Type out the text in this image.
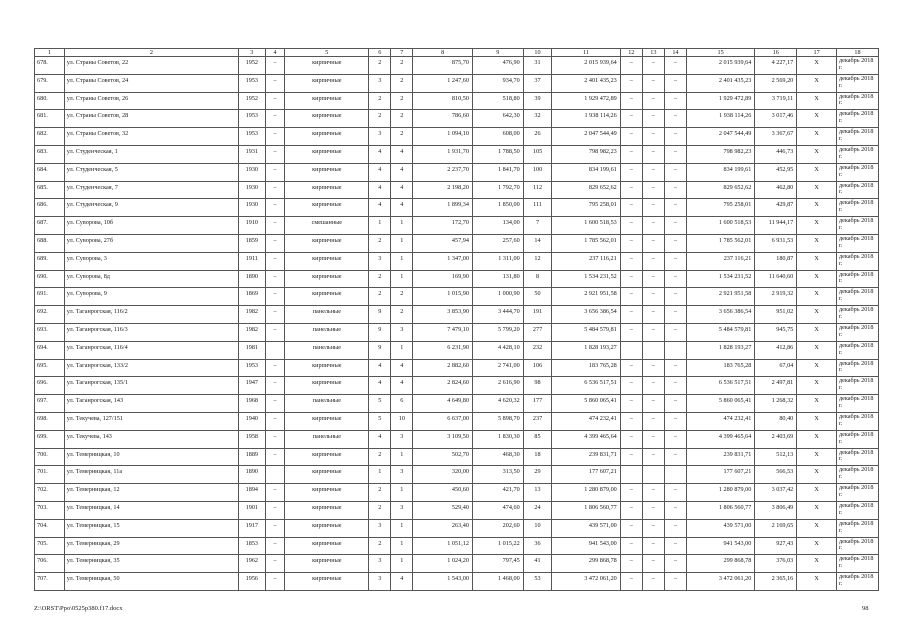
1	2	3	4	5	6	7	8	9	10	11	12	13	14	15	16	17	18
678.	ул. Страны Советов, 22	1952	–	кирпичные	2	2	875,70	476,90	31	2 015 939,64	–	–	–	2 015 939,64	4 227,17	X	декабрь 2018 г.
679.	ул. Страны Советов, 24	1953	–	кирпичные	3	2	1 247,60	934,70	37	2 401 435,23	–	–	–	2 401 435,23	2 569,20	X	декабрь 2018 г.
680.	ул. Страны Советов, 26	1952	–	кирпичные	2	2	810,50	518,80	39	1 929 472,89	–	–	–	1 929 472,89	3 719,11	X	декабрь 2018 г.
681.	ул. Страны Советов, 28	1953	–	кирпичные	2	2	786,60	642,30	32	1 938 114,26	–	–	–	1 938 114,26	3 017,46	X	декабрь 2018 г.
682.	ул. Страны Советов, 32	1953	–	кирпичные	3	2	1 094,10	608,00	26	2 047 544,49	–	–	–	2 047 544,49	3 367,67	X	декабрь 2018 г.
683.	ул. Студенческая, 1	1931	–	кирпичные	4	4	1 931,70	1 788,50	105	798 982,23	–	–	–	798 982,23	446,73	X	декабрь 2018 г.
684.	ул. Студенческая, 5	1930	–	кирпичные	4	4	2 237,70	1 841,70	100	834 199,61	–	–	–	834 199,61	452,95	X	декабрь 2018 г.
685.	ул. Студенческая, 7	1930	–	кирпичные	4	4	2 198,20	1 792,70	112	829 652,62	–	–	–	829 652,62	462,80	X	декабрь 2018 г.
686.	ул. Студенческая, 9	1930	–	кирпичные	4	4	1 899,34	1 850,00	111	795 258,01	–	–	–	795 258,01	429,87	X	декабрь 2018 г.
687.	ул. Суворова, 10б	1910	–	смешанные	1	1	172,70	134,00	7	1 600 518,53	–	–	–	1 600 518,53	11 944,17	X	декабрь 2018 г.
688.	ул. Суворова, 27б	1859	–	кирпичные	2	1	457,94	257,60	14	1 785 562,01	–	–	–	1 785 562,01	6 931,53	X	декабрь 2018 г.
689.	ул. Суворова, 3	1911	–	кирпичные	3	1	1 347,00	1 311,00	12	237 116,21	–	–	–	237 116,21	180,87	X	декабрь 2018 г.
690.	ул. Суворова, 8д	1890	–	кирпичные	2	1	169,90	131,80	8	1 534 231,52	–	–	–	1 534 231,52	11 640,60	X	декабрь 2018 г.
691.	ул. Суворова, 9	1869	–	кирпичные	2	2	1 015,90	1 000,90	50	2 921 951,58	–	–	–	2 921 951,58	2 919,32	X	декабрь 2018 г.
692.	ул. Таганрогская, 116/2	1982	–	панельные	9	2	3 853,90	3 444,70	191	3 656 386,54	–	–	–	3 656 386,54	951,02	X	декабрь 2018 г.
693.	ул. Таганрогская, 116/3	1982	–	панельные	9	3	7 479,10	5 799,20	277	5 484 579,81	–	–	–	5 484 579,81	945,75	X	декабрь 2018 г.
694.	ул. Таганрогская, 116/4	1981		панельные	9	1	6 231,90	4 428,10	232	1 828 193,27				1 828 193,27	412,86	X	декабрь 2018 г.
695.	ул. Таганрогская, 133/2	1953	–	кирпичные	4	4	2 882,60	2 741,00	106	183 765,28	–	–	–	183 765,28	67,04	X	декабрь 2018 г.
696.	ул. Таганрогская, 135/1	1947	–	кирпичные	4	4	2 824,60	2 616,90	98	6 536 517,51	–	–	–	6 536 517,51	2 497,81	X	декабрь 2018 г.
697.	ул. Таганрогская, 143	1968	–	панельные	5	6	4 649,80	4 620,32	177	5 860 065,41	–	–	–	5 860 065,41	1 268,32	X	декабрь 2018 г.
698.	ул. Текучева, 127/151	1940	–	кирпичные	5	10	6 637,00	5 898,70	237	474 232,41	–	–	–	474 232,41	80,40	X	декабрь 2018 г.
699.	ул. Текучева, 143	1958	–	панельные	4	3	3 109,50	1 830,30	85	4 399 465,64	–	–	–	4 399 465,64	2 403,69	X	декабрь 2018 г.
700.	ул. Темерницкая, 10	1889	–	кирпичные	2	1	502,70	468,30	18	239 831,71	–	–	–	239 831,71	512,13	X	декабрь 2018 г.
701.	ул. Темерницкая, 11а	1890		кирпичные	1	3	320,00	313,50	29	177 607,21				177 607,21	566,53	X	декабрь 2018 г.
702.	ул. Темерницкая, 12	1894	–	кирпичные	2	1	450,60	421,70	13	1 280 879,00	–	–	–	1 280 879,00	3 037,42	X	декабрь 2018 г.
703.	ул. Темерницкая, 14	1901	–	кирпичные	2	3	529,40	474,60	24	1 806 560,77	–	–	–	1 806 560,77	3 806,49	X	декабрь 2018 г.
704.	ул. Темерницкая, 15	1917	–	кирпичные	3	1	263,40	202,60	10	439 571,00	–	–	–	439 571,00	2 169,65	X	декабрь 2018 г.
705.	ул. Темерницкая, 29	1853	–	кирпичные	2	1	1 051,12	1 015,22	36	941 543,00	–	–	–	941 543,00	927,43	X	декабрь 2018 г.
706.	ул. Темерницкая, 35	1962	–	кирпичные	3	1	1 024,20	797,45	41	299 868,78	–	–	–	299 868,78	376,03	X	декабрь 2018 г.
707.	ул. Темерницкая, 50	1956	–	кирпичные	3	4	1 543,00	1 468,00	53	3 472 061,20	–	–	–	3 472 061,20	2 365,16	X	декабрь 2018 г.
Z:\ORST\Ppo\0525p380.f17.docx	98
